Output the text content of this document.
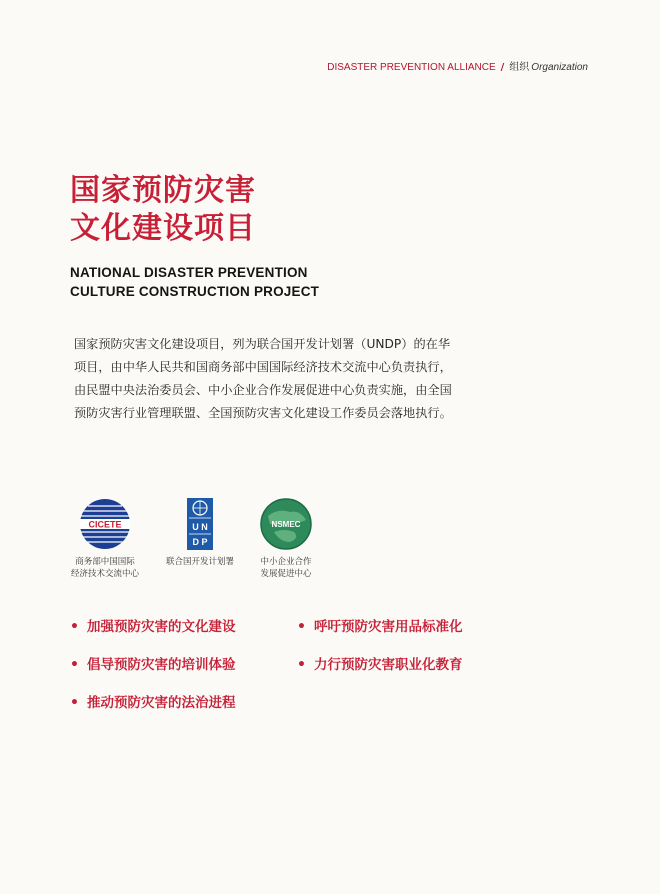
DISASTER PREVENTION ALLIANCE / 组织 Organization
国家预防灾害
文化建设项目
NATIONAL DISASTER PREVENTION
CULTURE CONSTRUCTION PROJECT
国家预防灾害文化建设项目，列为联合国开发计划署（UNDP）的在华项目，由中华人民共和国商务部中国国际经济技术交流中心负责执行，由民盟中央法治委员会、中小企业合作发展促进中心负责实施，由全国预防灾害行业管理联盟、全国预防灾害文化建设工作委员会落地执行。
CICETE
商务部中国国际
经济技术交流中心
U N
D P
联合国开发计划署
NSMEC
中小企业合作
发展促进中心
• 加强预防灾害的文化建设	• 呼吁预防灾害用品标准化
• 倡导预防灾害的培训体验	• 力行预防灾害职业化教育
• 推动预防灾害的法治进程
